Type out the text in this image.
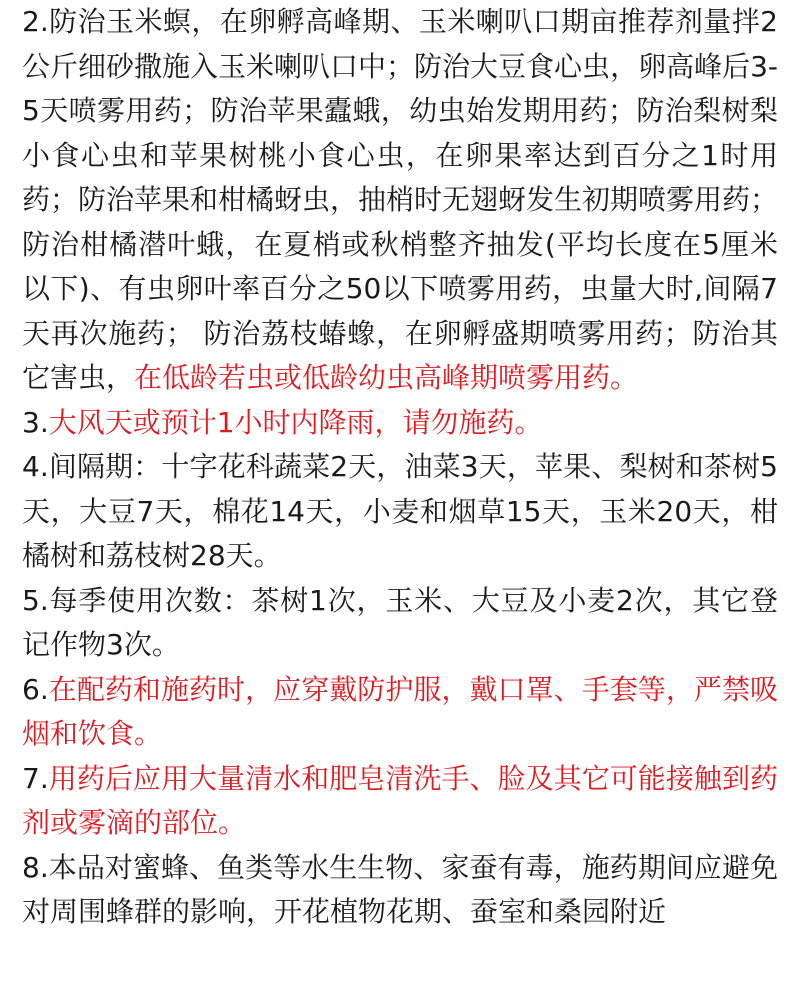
2.防治玉米螟，在卵孵高峰期、玉米喇叭口期亩推荐剂量拌2公斤细砂撒施入玉米喇叭口中；防治大豆食心虫，卵高峰后3-5天喷雾用药；防治苹果蠹蛾，幼虫始发期用药；防治梨树梨小食心虫和苹果树桃小食心虫，在卵果率达到百分之1时用药；防治苹果和柑橘蚜虫，抽梢时无翅蚜发生初期喷雾用药；防治柑橘潜叶蛾，在夏梢或秋梢整齐抽发(平均长度在5厘米以下)、有虫卵叶率百分之50以下喷雾用药，虫量大时,间隔7天再次施药； 防治荔枝蝽蟓，在卵孵盛期喷雾用药；防治其它害虫，在低龄若虫或低龄幼虫高峰期喷雾用药。

3.大风天或预计1小时内降雨，请勿施药。

4.间隔期：十字花科蔬菜2天，油菜3天，苹果、梨树和茶树5天，大豆7天，棉花14天，小麦和烟草15天，玉米20天，柑橘树和荔枝树28天。

5.每季使用次数：茶树1次，玉米、大豆及小麦2次，其它登记作物3次。

6.在配药和施药时，应穿戴防护服，戴口罩、手套等，严禁吸烟和饮食。

7.用药后应用大量清水和肥皂清洗手、脸及其它可能接触到药剂或雾滴的部位。

8.本品对蜜蜂、鱼类等水生生物、家蚕有毒，施药期间应避免对周围蜂群的影响，开花植物花期、蚕室和桑园附近
